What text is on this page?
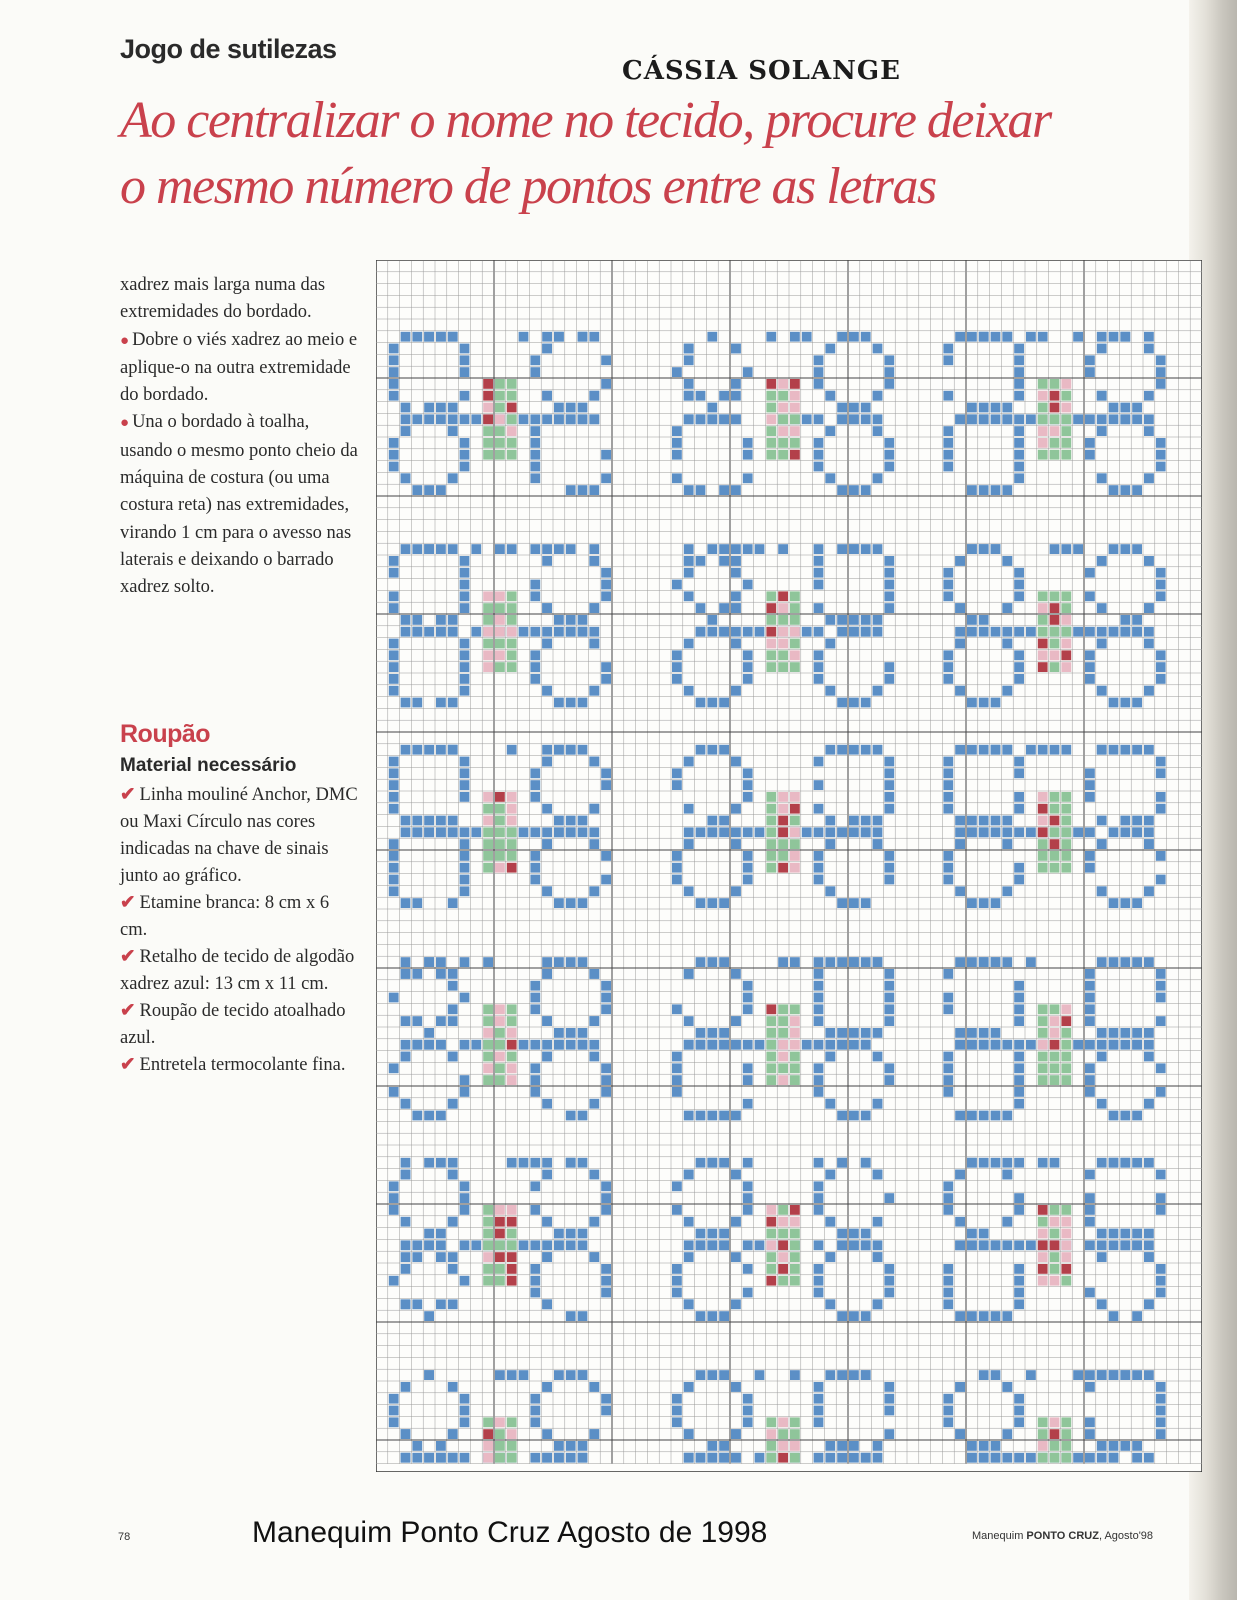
Jogo de sutilezas
CÁSSIA SOLANGE
Ao centralizar o nome no tecido, procure deixar
o mesmo número de pontos entre as letras

xadrez mais larga numa das extremidades do bordado.

● Dobre o viés xadrez ao meio e aplique-o na outra extremidade do bordado.

● Una o bordado à toalha, usando o mesmo ponto cheio da máquina de costura (ou uma costura reta) nas extremidades, virando 1 cm para o avesso nas laterais e deixando o barrado xadrez solto.

Roupão
Material necessário

✔ Linha mouliné Anchor, DMC ou Maxi Círculo nas cores indicadas na chave de sinais junto ao gráfico.

✔ Etamine branca: 8 cm x 6 cm.

✔ Retalho de tecido de algodão xadrez azul: 13 cm x 11 cm.

✔ Roupão de tecido atoalhado azul.

✔ Entretela termocolante fina.

78	Manequim Ponto Cruz Agosto de 1998	Manequim PONTO CRUZ, Agosto'98
